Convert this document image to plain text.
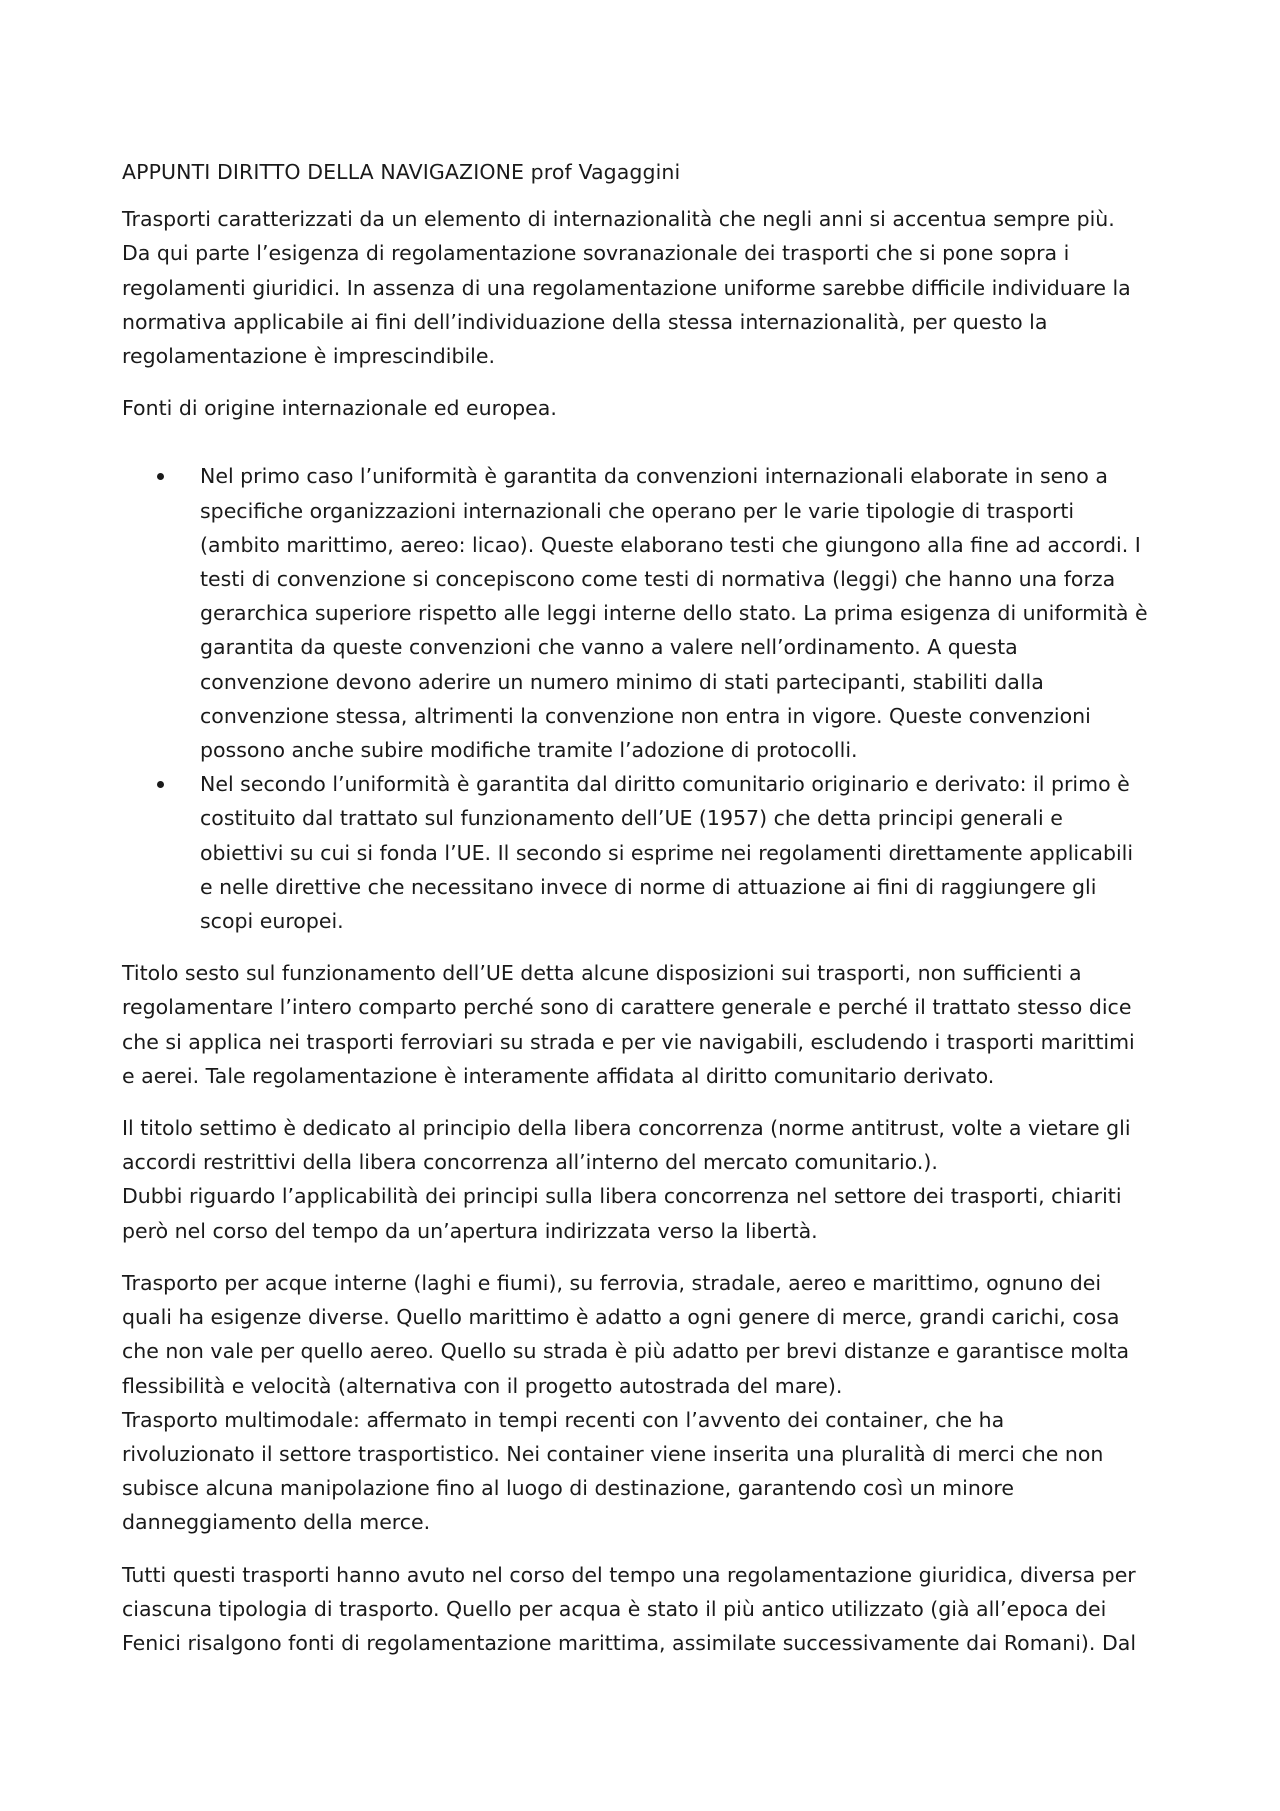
APPUNTI DIRITTO DELLA NAVIGAZIONE prof Vagaggini
Trasporti caratterizzati da un elemento di internazionalità che negli anni si accentua sempre più.
Da qui parte l’esigenza di regolamentazione sovranazionale dei trasporti che si pone sopra i
regolamenti giuridici. In assenza di una regolamentazione uniforme sarebbe difficile individuare la
normativa applicabile ai fini dell’individuazione della stessa internazionalità, per questo la
regolamentazione è imprescindibile.
Fonti di origine internazionale ed europea.
Nel primo caso l’uniformità è garantita da convenzioni internazionali elaborate in seno a
specifiche organizzazioni internazionali che operano per le varie tipologie di trasporti
(ambito marittimo, aereo: licao). Queste elaborano testi che giungono alla fine ad accordi. I
testi di convenzione si concepiscono come testi di normativa (leggi) che hanno una forza
gerarchica superiore rispetto alle leggi interne dello stato. La prima esigenza di uniformità è
garantita da queste convenzioni che vanno a valere nell’ordinamento. A questa
convenzione devono aderire un numero minimo di stati partecipanti, stabiliti dalla
convenzione stessa, altrimenti la convenzione non entra in vigore. Queste convenzioni
possono anche subire modifiche tramite l’adozione di protocolli.
Nel secondo l’uniformità è garantita dal diritto comunitario originario e derivato: il primo è
costituito dal trattato sul funzionamento dell’UE (1957) che detta principi generali e
obiettivi su cui si fonda l’UE. Il secondo si esprime nei regolamenti direttamente applicabili
e nelle direttive che necessitano invece di norme di attuazione ai fini di raggiungere gli
scopi europei.
Titolo sesto sul funzionamento dell’UE detta alcune disposizioni sui trasporti, non sufficienti a
regolamentare l’intero comparto perché sono di carattere generale e perché il trattato stesso dice
che si applica nei trasporti ferroviari su strada e per vie navigabili, escludendo i trasporti marittimi
e aerei. Tale regolamentazione è interamente affidata al diritto comunitario derivato.
Il titolo settimo è dedicato al principio della libera concorrenza (norme antitrust, volte a vietare gli
accordi restrittivi della libera concorrenza all’interno del mercato comunitario.).
Dubbi riguardo l’applicabilità dei principi sulla libera concorrenza nel settore dei trasporti, chiariti
però nel corso del tempo da un’apertura indirizzata verso la libertà.
Trasporto per acque interne (laghi e fiumi), su ferrovia, stradale, aereo e marittimo, ognuno dei
quali ha esigenze diverse. Quello marittimo è adatto a ogni genere di merce, grandi carichi, cosa
che non vale per quello aereo. Quello su strada è più adatto per brevi distanze e garantisce molta
flessibilità e velocità (alternativa con il progetto autostrada del mare).
Trasporto multimodale: affermato in tempi recenti con l’avvento dei container, che ha
rivoluzionato il settore trasportistico. Nei container viene inserita una pluralità di merci che non
subisce alcuna manipolazione fino al luogo di destinazione, garantendo così un minore
danneggiamento della merce.
Tutti questi trasporti hanno avuto nel corso del tempo una regolamentazione giuridica, diversa per
ciascuna tipologia di trasporto. Quello per acqua è stato il più antico utilizzato (già all’epoca dei
Fenici risalgono fonti di regolamentazione marittima, assimilate successivamente dai Romani). Dal
